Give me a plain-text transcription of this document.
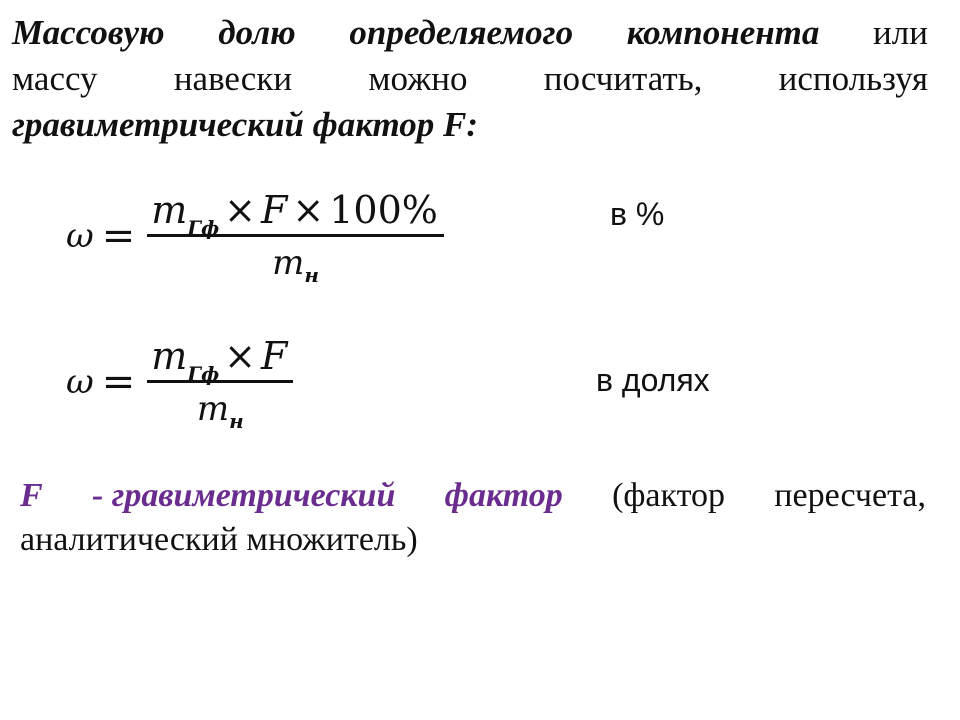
Массовую долю определяемого компонента или
массу навески можно посчитать, используя
гравиметрический фактор F:
$\omega = \frac{\text{m Гф × F × 100\%}}{m_н}$	в %
$\omega = \frac{\text{m Гф × F}}{m_н}$	в долях
F - гравиметрический фактор (фактор пересчета,
аналитический множитель)
